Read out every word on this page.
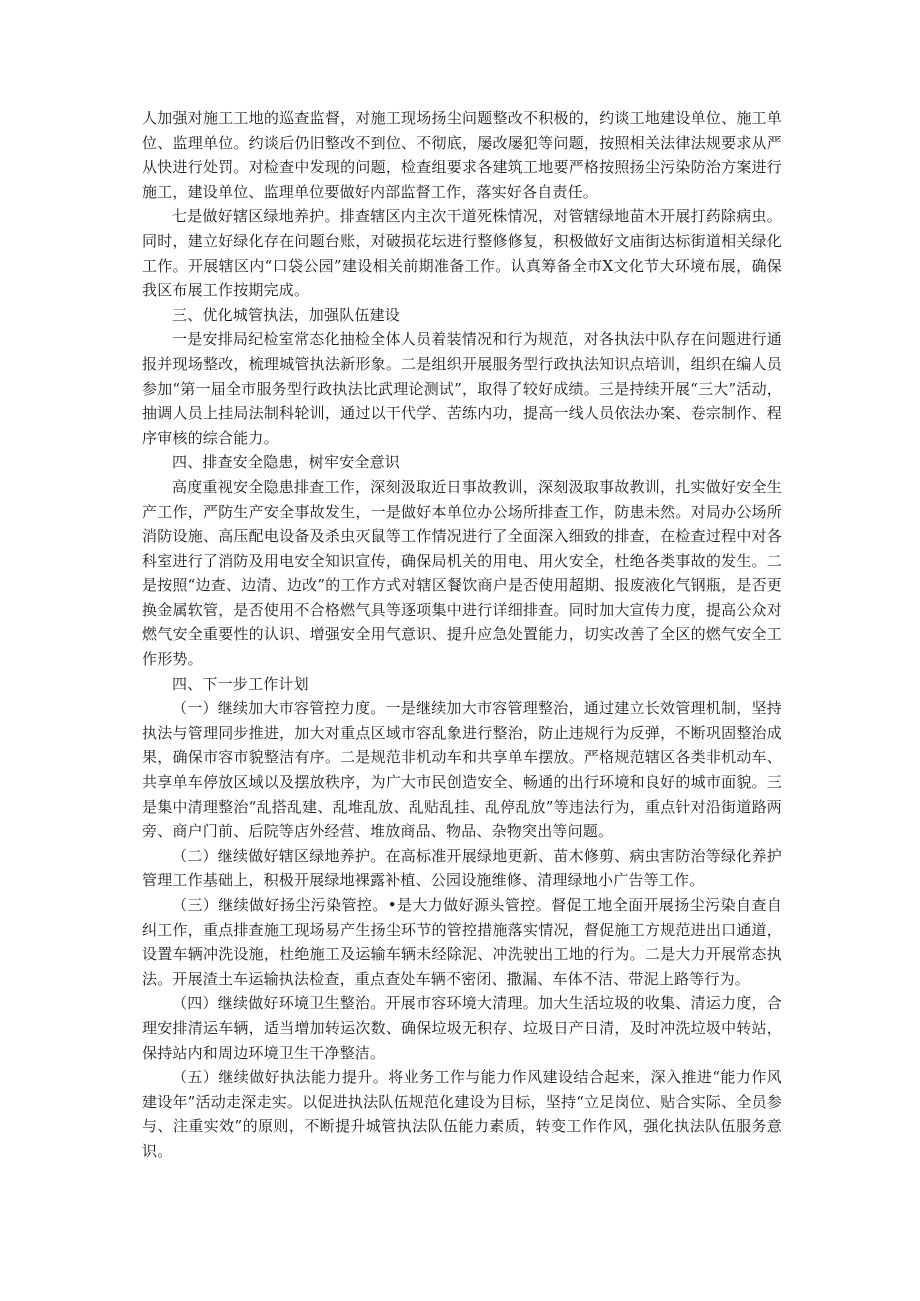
人加强对施工工地的巡查监督，对施工现场扬尘问题整改不积极的，约谈工地建设单位、施工单位、监理单位。约谈后仍旧整改不到位、不彻底，屡改屡犯等问题，按照相关法律法规要求从严从快进行处罚。对检查中发现的问题，检查组要求各建筑工地要严格按照扬尘污染防治方案进行施工，建设单位、监理单位要做好内部监督工作，落实好各自责任。

七是做好辖区绿地养护。排查辖区内主次干道死株情况，对管辖绿地苗木开展打药除病虫。同时，建立好绿化存在问题台账，对破损花坛进行整修修复，积极做好文庙街达标街道相关绿化工作。开展辖区内“口袋公园”建设相关前期准备工作。认真筹备全市X文化节大环境布展，确保我区布展工作按期完成。

三、优化城管执法，加强队伍建设

一是安排局纪检室常态化抽检全体人员着装情况和行为规范，对各执法中队存在问题进行通报并现场整改，梳理城管执法新形象。二是组织开展服务型行政执法知识点培训，组织在编人员参加“第一届全市服务型行政执法比武理论测试”，取得了较好成绩。三是持续开展“三大”活动，抽调人员上挂局法制科轮训，通过以干代学、苦练内功，提高一线人员依法办案、卷宗制作、程序审核的综合能力。

四、排查安全隐患，树牢安全意识

高度重视安全隐患排查工作，深刻汲取近日事故教训，深刻汲取事故教训，扎实做好安全生产工作，严防生产安全事故发生，一是做好本单位办公场所排查工作，防患未然。对局办公场所消防设施、高压配电设备及杀虫灭鼠等工作情况进行了全面深入细致的排查，在检查过程中对各科室进行了消防及用电安全知识宣传，确保局机关的用电、用火安全，杜绝各类事故的发生。二是按照“边查、边清、边改”的工作方式对辖区餐饮商户是否使用超期、报废液化气钢瓶，是否更换金属软管，是否使用不合格燃气具等逐项集中进行详细排查。同时加大宣传力度，提高公众对燃气安全重要性的认识、增强安全用气意识、提升应急处置能力，切实改善了全区的燃气安全工作形势。

四、下一步工作计划

（一）继续加大市容管控力度。一是继续加大市容管理整治，通过建立长效管理机制，坚持执法与管理同步推进，加大对重点区域市容乱象进行整治，防止违规行为反弹，不断巩固整治成果，确保市容市貌整洁有序。二是规范非机动车和共享单车摆放。严格规范辖区各类非机动车、共享单车停放区域以及摆放秩序，为广大市民创造安全、畅通的出行环境和良好的城市面貌。三是集中清理整治“乱搭乱建、乱堆乱放、乱贴乱挂、乱停乱放”等违法行为，重点针对沿街道路两旁、商户门前、后院等店外经营、堆放商品、物品、杂物突出等问题。

（二）继续做好辖区绿地养护。在高标准开展绿地更新、苗木修剪、病虫害防治等绿化养护管理工作基础上，积极开展绿地裸露补植、公园设施维修、清理绿地小广告等工作。

（三）继续做好扬尘污染管控。•是大力做好源头管控。督促工地全面开展扬尘污染自查自纠工作，重点排查施工现场易产生扬尘环节的管控措施落实情况，督促施工方规范进出口通道，设置车辆冲洗设施，杜绝施工及运输车辆未经除泥、冲洗驶出工地的行为。二是大力开展常态执法。开展渣土车运输执法检查，重点查处车辆不密闭、撒漏、车体不洁、带泥上路等行为。

（四）继续做好环境卫生整治。开展市容环境大清理。加大生活垃圾的收集、清运力度，合理安排清运车辆，适当增加转运次数、确保垃圾无积存、垃圾日产日清，及时冲洗垃圾中转站，保持站内和周边环境卫生干净整洁。

（五）继续做好执法能力提升。将业务工作与能力作风建设结合起来，深入推进“能力作风建设年”活动走深走实。以促进执法队伍规范化建设为目标，坚持“立足岗位、贴合实际、全员参与、注重实效”的原则，不断提升城管执法队伍能力素质，转变工作作风，强化执法队伍服务意识。
